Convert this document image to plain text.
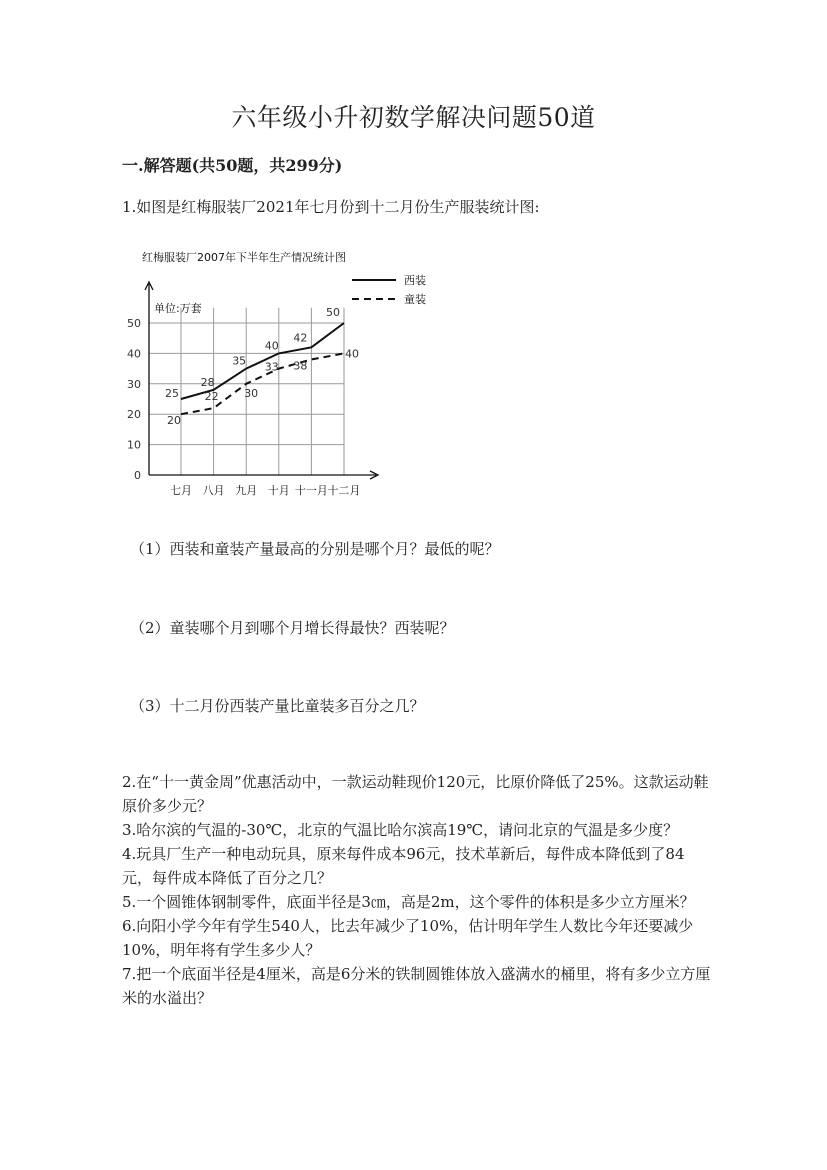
六年级小升初数学解决问题50道
一.解答题(共50题，共299分)
1.如图是红梅服装厂2021年七月份到十二月份生产服装统计图:
红梅服装厂2007年下半年生产情况统计图
单位:万套
0
10
20
30
40
50
七月 八月 九月 十月 十一月 十二月
25
28
35
40
42
50
20
22 30
33 38
40
西装
童装
（1）西装和童装产量最高的分别是哪个月？最低的呢？
（2）童装哪个月到哪个月增长得最快？西装呢？
（3）十二月份西装产量比童装多百分之几？

2.在“十一黄金周”优惠活动中，一款运动鞋现价120元，比原价降低了25%。这款运动鞋原价多少元？

3.哈尔滨的气温的-30℃，北京的气温比哈尔滨高19℃，请问北京的气温是多少度？

4.玩具厂生产一种电动玩具，原来每件成本96元，技术革新后，每件成本降低到了84元，每件成本降低了百分之几？

5.一个圆锥体钢制零件，底面半径是3㎝，高是2m，这个零件的体积是多少立方厘米？

6.向阳小学今年有学生540人，比去年减少了10%，估计明年学生人数比今年还要减少10%，明年将有学生多少人？

7.把一个底面半径是4厘米，高是6分米的铁制圆锥体放入盛满水的桶里，将有多少立方厘米的水溢出？
